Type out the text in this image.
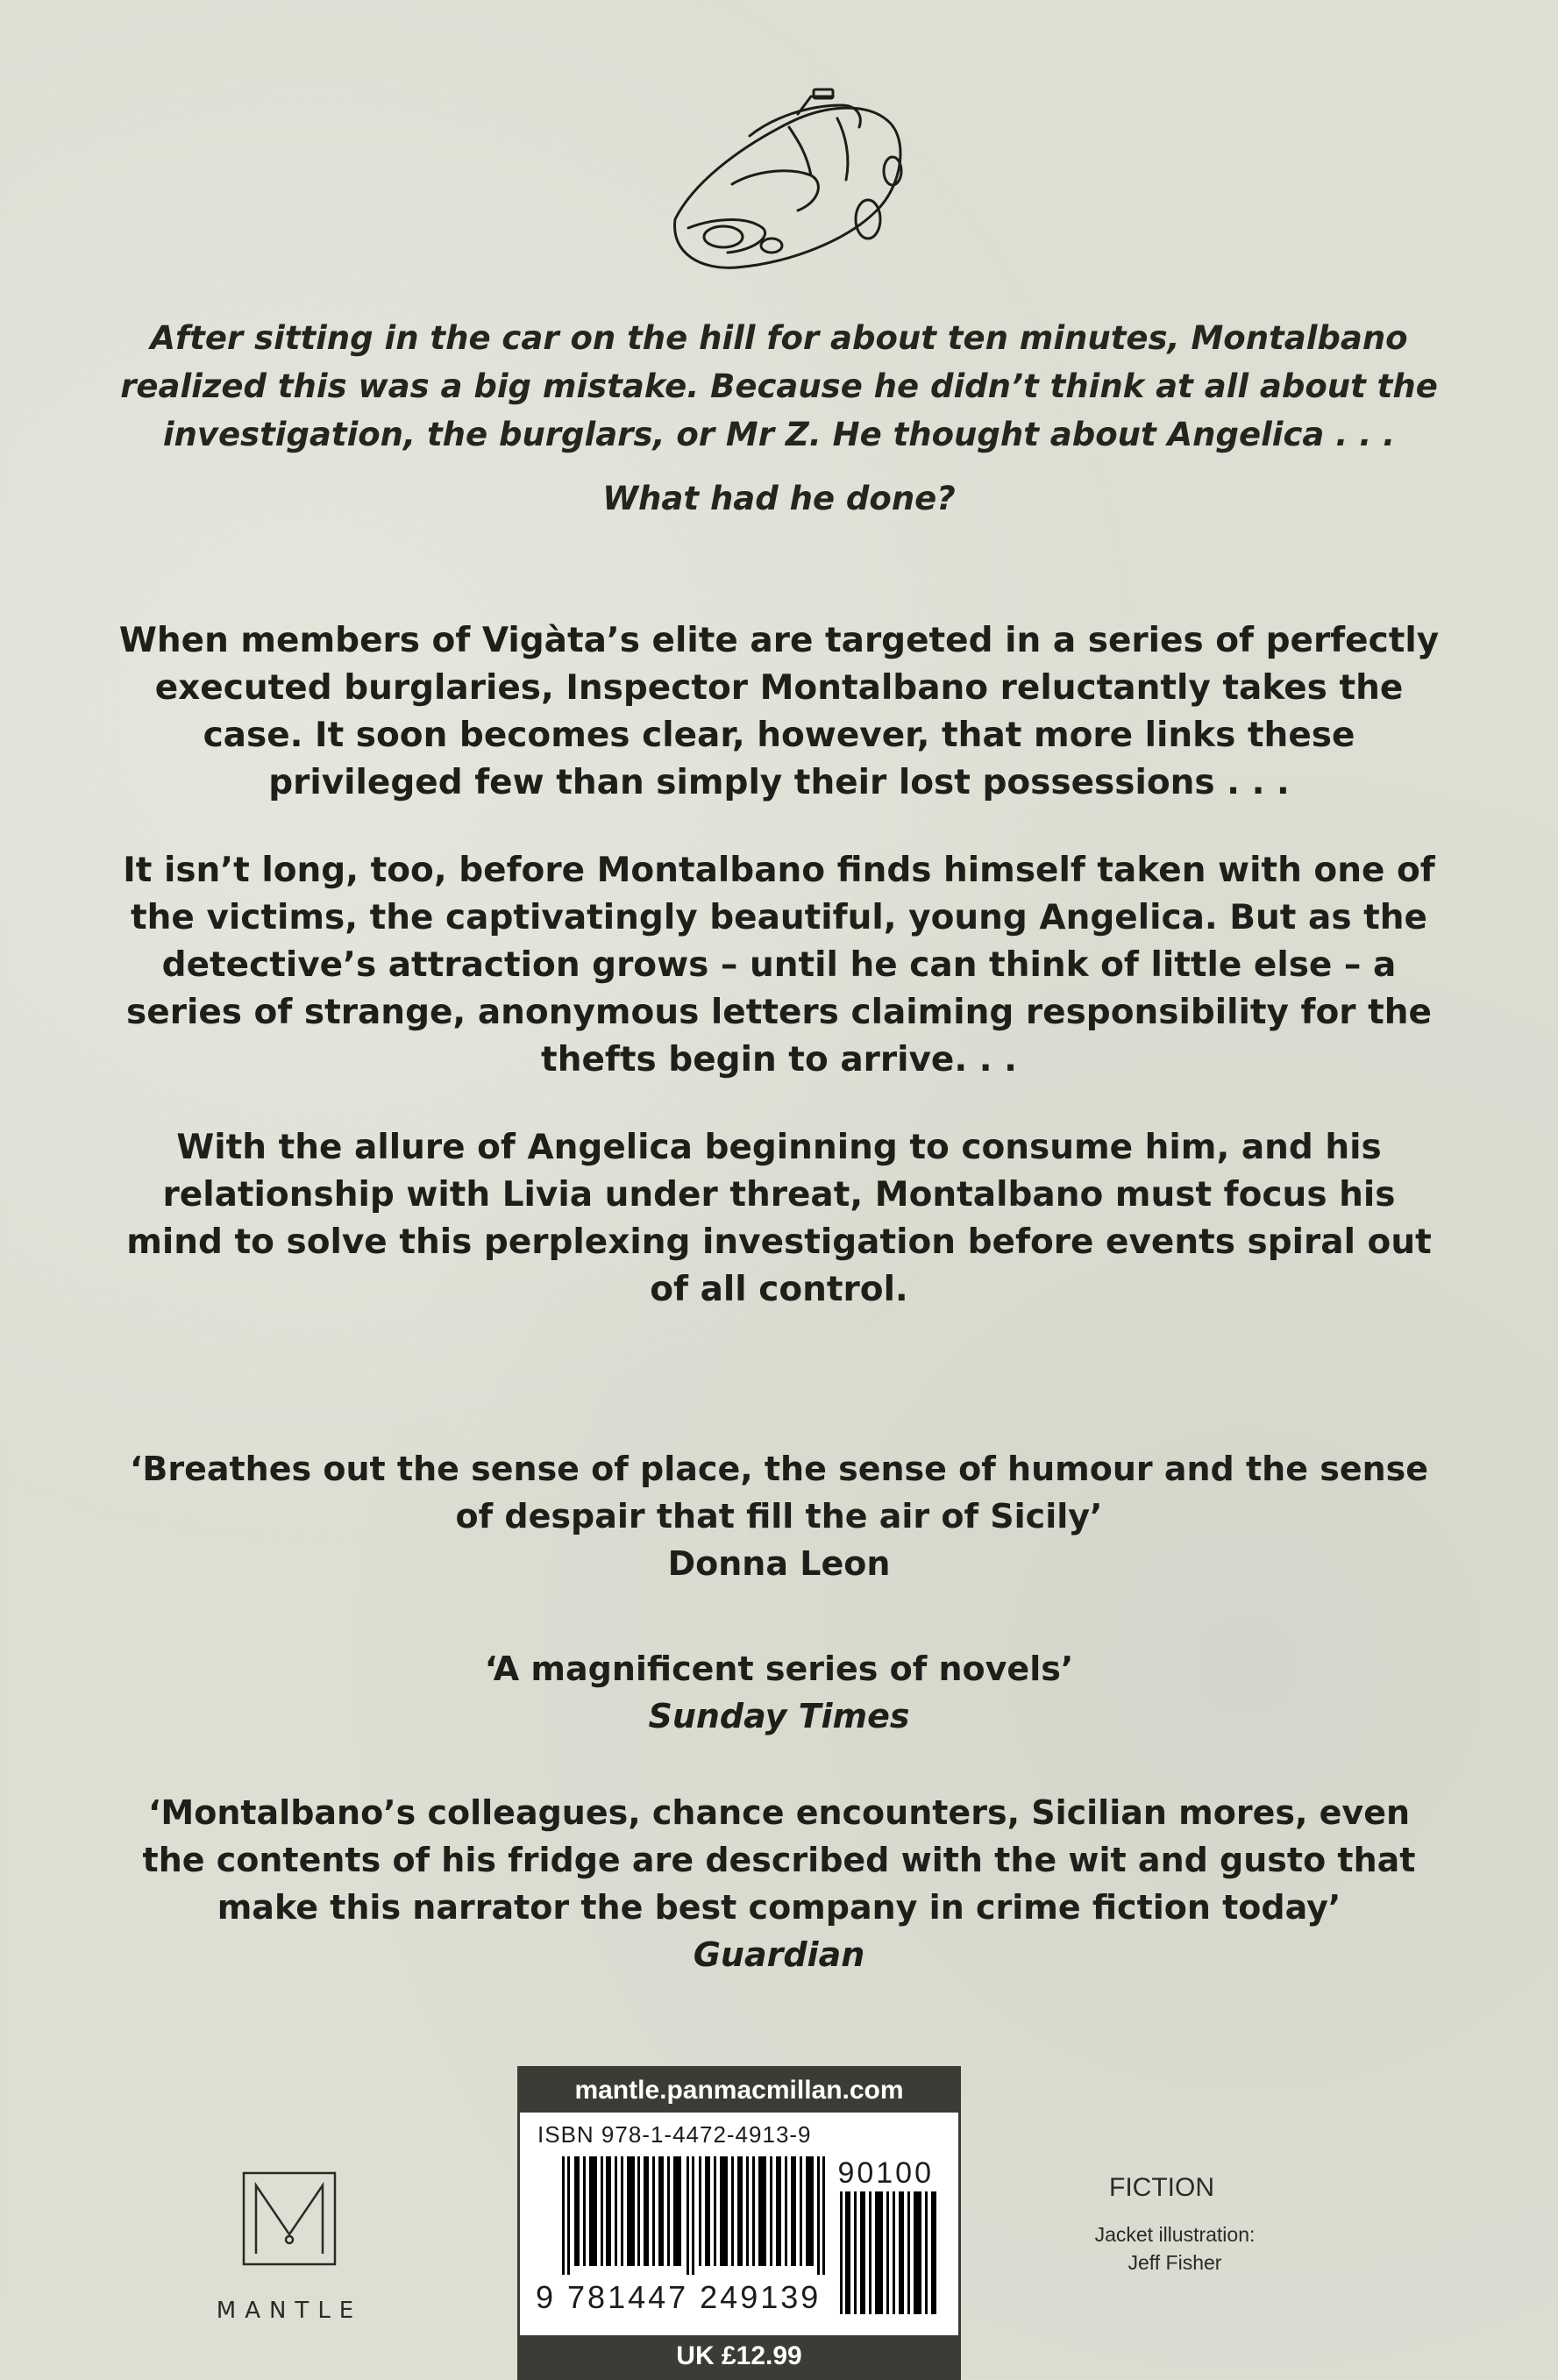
After sitting in the car on the hill for about ten minutes, Montalbano realized this was a big mistake. Because he didn’t think at all about the investigation, the burglars, or Mr Z. He thought about Angelica . . .

What had he done?

When members of Vigàta’s elite are targeted in a series of perfectly executed burglaries, Inspector Montalbano reluctantly takes the case. It soon becomes clear, however, that more links these privileged few than simply their lost possessions . . .

It isn’t long, too, before Montalbano finds himself taken with one of the victims, the captivatingly beautiful, young Angelica. But as the detective’s attraction grows – until he can think of little else – a series of strange, anonymous letters claiming responsibility for the thefts begin to arrive. . .

With the allure of Angelica beginning to consume him, and his relationship with Livia under threat, Montalbano must focus his mind to solve this perplexing investigation before events spiral out of all control.

‘Breathes out the sense of place, the sense of humour and the sense of despair that fill the air of Sicily’

Donna Leon

‘A magnificent series of novels’

Sunday Times

‘Montalbano’s colleagues, chance encounters, Sicilian mores, even the contents of his fridge are described with the wit and gusto that make this narrator the best company in crime fiction today’

Guardian
MANTLE
mantle.panmacmillan.com
ISBN 978-1-4472-4913-9
90100
9 781447 249139
UK £12.99
FICTION
Jacket illustration:
Jeff Fisher
